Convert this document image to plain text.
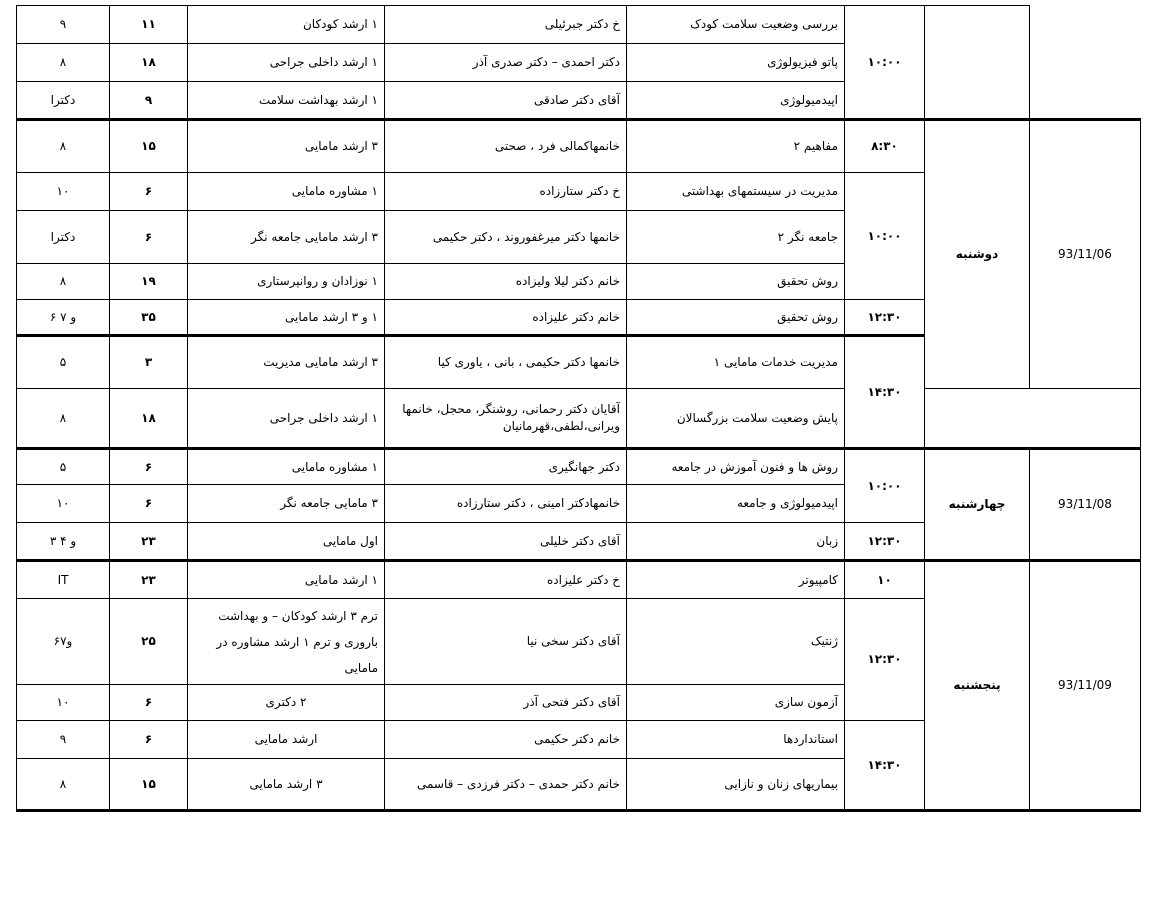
۹	۱۱	۱ ارشد کودکان	خ دکتر جبرئیلی	بررسی وضعیت سلامت کودک	۱۰:۰۰			
۸	۱۸	۱ ارشد داخلی جراحی	دکتر احمدی – دکتر صدری آذر	پاتو فیزیولوژی				
دکترا	۹	۱ ارشد بهداشت سلامت	آقای دکتر صادقی	اپیدمیولوژی				
۸	۱۵	۳ ارشد مامایی	خانمهاکمالی فرد ، صحتی	مفاهیم ۲	۸:۳۰	دوشنبه	93/11/06	
۱۰	۶	۱ مشاوره مامایی	خ دکتر ستارزاده	مدیریت در سیستمهای بهداشتی	۱۰:۰۰			
دکترا	۶	۳ ارشد مامایی جامعه نگر	خانمها دکتر میرغفوروند ، دکتر حکیمی	جامعه نگر ۲				
۸	۱۹	۱ نوزادان و روانپرستاری	خانم دکتر لیلا ولیزاده	روش تحقیق				
۶ و ۷	۳۵	۱ و ۳ ارشد مامایی	خانم دکتر علیزاده	روش تحقیق	۱۲:۳۰			
۵	۳	۳ ارشد مامایی مدیریت	خانمها دکتر حکیمی ، بانی ، یاوری کیا	مدیریت خدمات مامایی ۱	۱۴:۳۰		
۸	۱۸	۱ ارشد داخلی جراحی	آقایان دکتر رحمانی، روشنگر، محجل، خانمها ویرانی،لطفی،قهرمانیان	پایش وضعیت سلامت بزرگسالان				
۵	۶	۱ مشاوره مامایی	دکتر جهانگیری	روش ها و فنون آموزش در جامعه	۱۰:۰۰	چهارشنبه	93/11/08	
۱۰	۶	۳ مامایی جامعه نگر	خانمهادکتر امینی ، دکتر ستارزاده	اپیدمیولوژی و جامعه				
۳ و ۴	۲۳	اول مامایی	آقای دکتر خلیلی	زبان	۱۲:۳۰			
IT	۲۳	۱ ارشد مامایی	خ دکتر علیزاده	کامپیوتر	۱۰	پنجشنبه	93/11/09	
۶و۷	۲۵	ترم ۳ ارشد کودکان – و بهداشت باروری و ترم ۱ ارشد مشاوره در مامایی	آقای دکتر سخی نیا	ژنتیک	۱۲:۳۰			
۱۰	۶	۲ دکتری	آقای دکتر فتحی آذر	آزمون سازی				
۹	۶	ارشد مامایی	خانم دکتر حکیمی	استانداردها	۱۴:۳۰			
۸	۱۵	۳ ارشد مامایی	خانم دکتر حمدی – دکتر فرزدی – قاسمی	بیماریهای زنان و نازایی				
